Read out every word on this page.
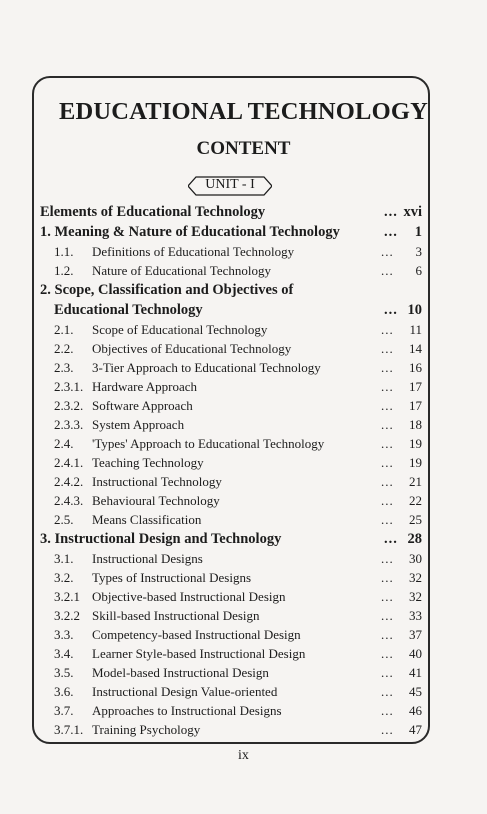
EDUCATIONAL TECHNOLOGY
CONTENT
UNIT - I
Elements of Educational Technology	... xvi
1. Meaning & Nature of Educational Technology	... 1
1.1. Definitions of Educational Technology	... 3
1.2. Nature of Educational Technology	... 6
2. Scope, Classification and Objectives of
Educational Technology	... 10
2.1. Scope of Educational Technology	... 11
2.2. Objectives of Educational Technology	... 14
2.3. 3-Tier Approach to Educational Technology	... 16
2.3.1. Hardware Approach	... 17
2.3.2. Software Approach	... 17
2.3.3. System Approach	... 18
2.4. 'Types' Approach to Educational Technology	... 19
2.4.1. Teaching Technology	... 19
2.4.2. Instructional Technology	... 21
2.4.3. Behavioural Technology	... 22
2.5. Means Classification	... 25
3. Instructional Design and Technology	... 28
3.1. Instructional Designs	... 30
3.2. Types of Instructional Designs	... 32
3.2.1 Objective-based Instructional Design	... 32
3.2.2 Skill-based Instructional Design	... 33
3.3. Competency-based Instructional Design	... 37
3.4. Learner Style-based Instructional Design	... 40
3.5. Model-based Instructional Design	... 41
3.6. Instructional Design Value-oriented	... 45
3.7. Approaches to Instructional Designs	... 46
3.7.1. Training Psychology	... 47
ix
